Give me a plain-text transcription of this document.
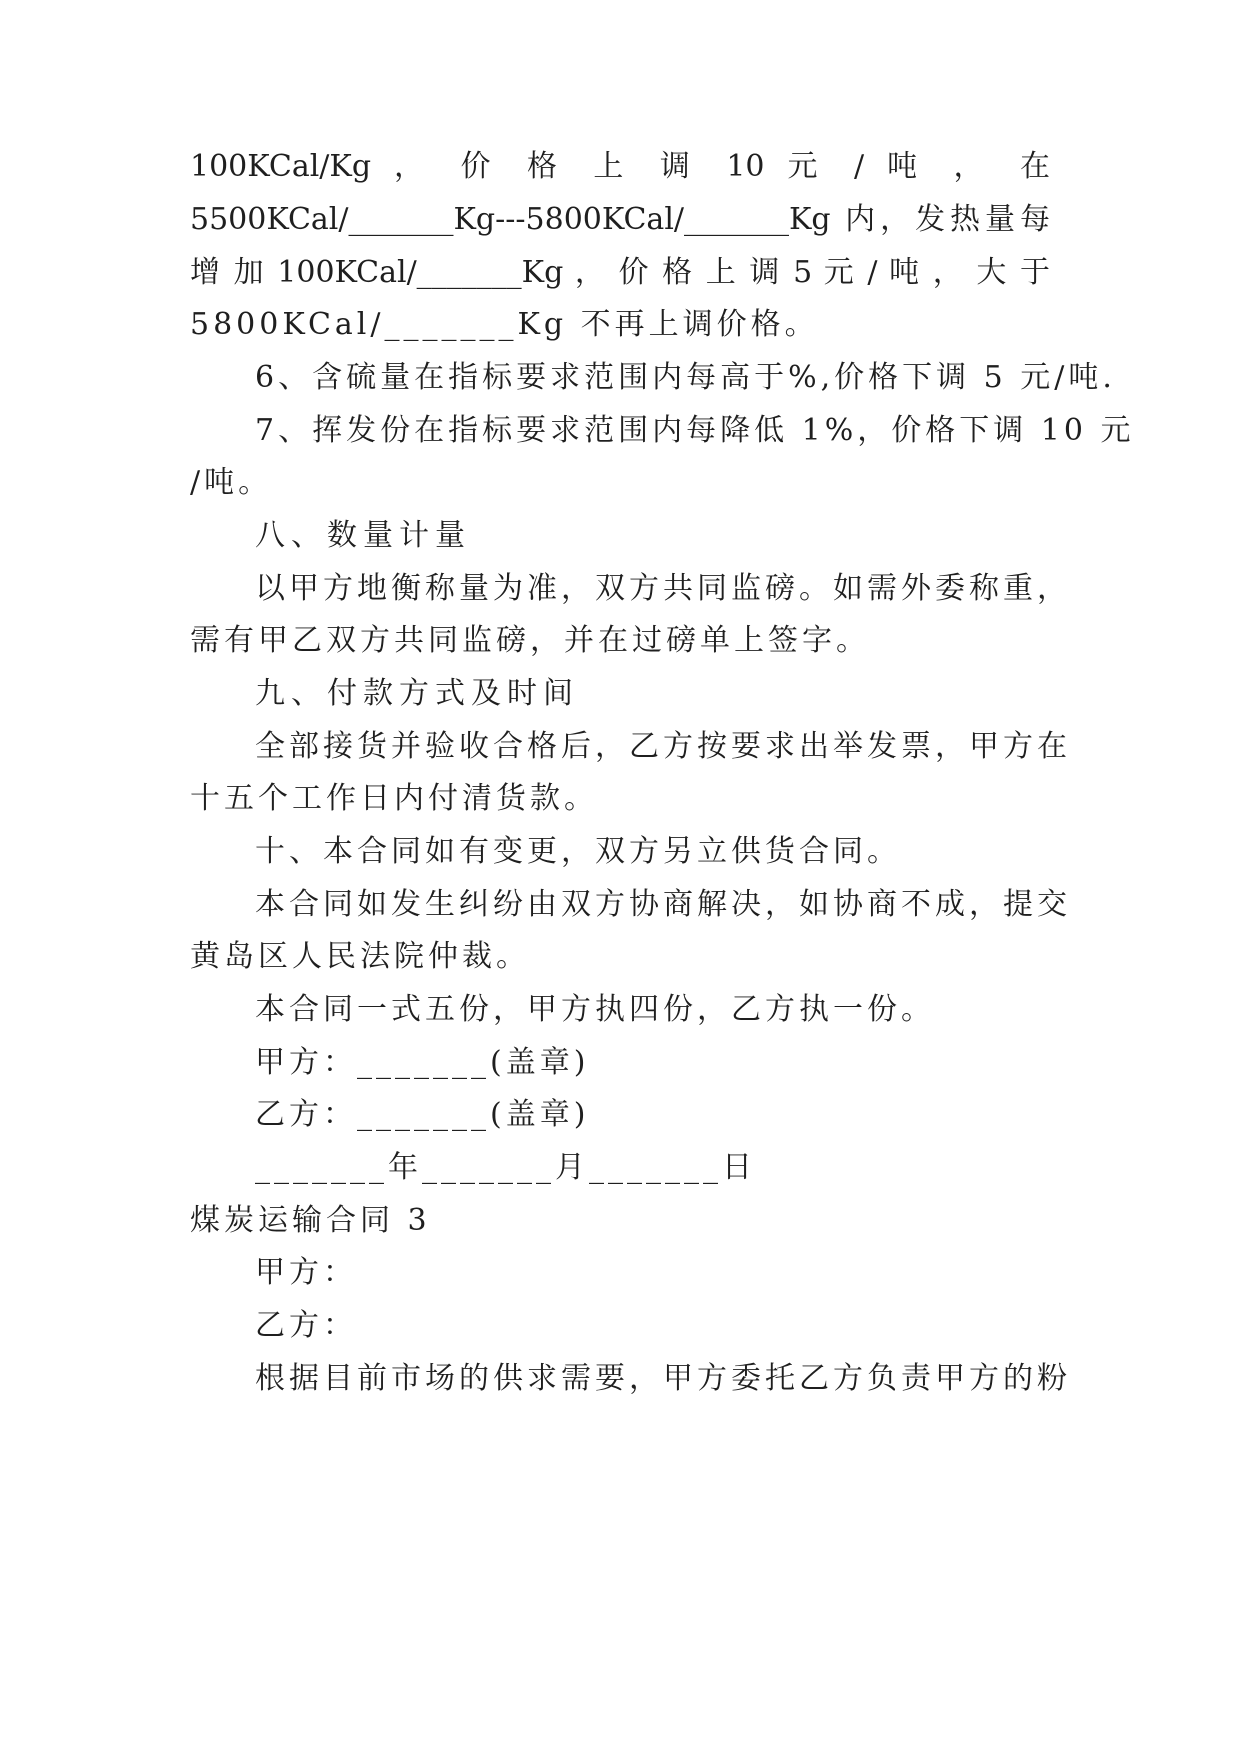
100KCal/Kg ， 价 格 上 调 10 元 / 吨 ， 在
5500KCal/_______Kg---5800KCal/_______Kg 内，发热量每
增 加 100KCal/_______Kg ， 价 格 上 调 5 元 / 吨 ， 大 于
5800KCal/_______Kg 不再上调价格。
6、含硫量在指标要求范围内每高于%,价格下调 5 元/吨.
7、挥发份在指标要求范围内每降低 1%，价格下调 10 元
/吨。
八、数量计量
以甲方地衡称量为准，双方共同监磅。如需外委称重，
需有甲乙双方共同监磅，并在过磅单上签字。
九、付款方式及时间
全部接货并验收合格后，乙方按要求出举发票，甲方在
十五个工作日内付清货款。
十、本合同如有变更，双方另立供货合同。
本合同如发生纠纷由双方协商解决，如协商不成，提交
黄岛区人民法院仲裁。
本合同一式五份，甲方执四份，乙方执一份。
甲方：_______(盖章)
乙方：_______(盖章)
_______年_______月_______日
煤炭运输合同 3
甲方：
乙方：
根据目前市场的供求需要，甲方委托乙方负责甲方的粉
